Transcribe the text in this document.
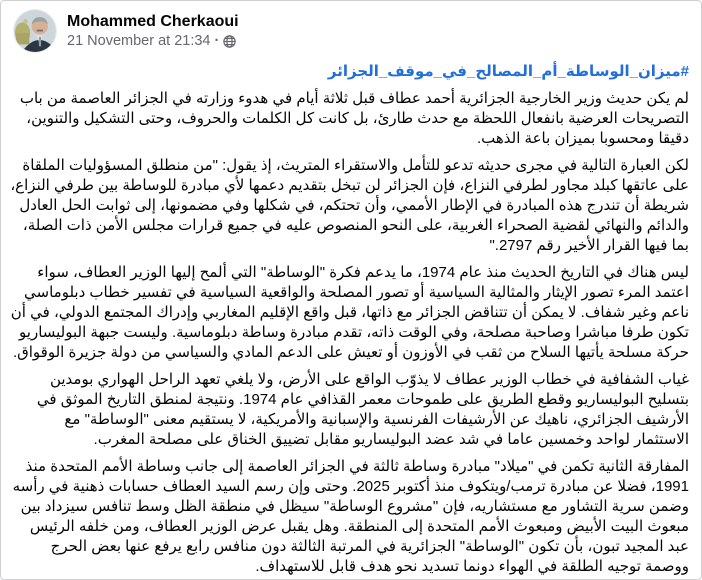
Mohammed Cherkaoui
21 November at 21:34 ·
#ميزان_الوساطة_أم_المصالح_في_موقف_الجزائر

لم يكن حديث وزير الخارجية الجزائرية أحمد عطاف قبل ثلاثة أيام في هدوء وزارته في الجزائر العاصمة من باب التصريحات العرضية بانفعال اللحظة مع حدث طارئ، بل كانت كل الكلمات والحروف، وحتى التشكيل والتنوين، دقيقا ومحسوبا بميزان باعة الذهب.

لكن العبارة التالية في مجرى حديثه تدعو للتأمل والاستقراء المتريث، إذ يقول: "من منطلق المسؤوليات الملقاة على عاتقها كبلد مجاور لطرفي النزاع، فإن الجزائر لن تبخل بتقديم دعمها لأي مبادرة للوساطة بين طرفي النزاع، شريطة أن تندرج هذه المبادرة في الإطار الأممي، وأن تحتكم، في شكلها وفي مضمونها، إلى ثوابت الحل العادل والدائم والنهائي لقضية الصحراء الغربية، على النحو المنصوص عليه في جميع قرارات مجلس الأمن ذات الصلة، بما فيها القرار الأخير رقم 2797."

ليس هناك في التاريخ الحديث منذ عام 1974، ما يدعم فكرة "الوساطة" التي ألمح إليها الوزير العطاف، سواء اعتمد المرء تصور الإيثار والمثالية السياسية أو تصور المصلحة والواقعية السياسية في تفسير خطاب دبلوماسي ناعم وغير شفاف. لا يمكن أن تتناقض الجزائر مع ذاتها، قبل واقع الإقليم المغاربي وإدراك المجتمع الدولي، في أن تكون طرفا مباشرا وصاحبة مصلحة، وفي الوقت ذاته، تقدم مبادرة وساطة دبلوماسية. وليست جبهة البوليساريو حركة مسلحة يأتيها السلاح من ثقب في الأوزون أو تعيش على الدعم المادي والسياسي من دولة جزيرة الوقواق.

غياب الشفافية في خطاب الوزير عطاف لا يذوّب الواقع على الأرض، ولا يلغي تعهد الراحل الهواري بومدين بتسليح البوليساريو وقطع الطريق على طموحات معمر القذافي عام 1974. ونتيجة لمنطق التاريخ الموثق في الأرشيف الجزائري، ناهيك عن الأرشيفات الفرنسية والإسبانية والأمريكية، لا يستقيم معنى "الوساطة" مع الاستثمار لواحد وخمسين عاما في شد عضد البوليساريو مقابل تضييق الخناق على مصلحة المغرب.

المفارقة الثانية تكمن في "ميلاد" مبادرة وساطة ثالثة في الجزائر العاصمة إلى جانب وساطة الأمم المتحدة منذ 1991، فضلا عن مبادرة ترمب/ويتكوف منذ أكتوبر 2025. وحتى وإن رسم السيد العطاف حسابات ذهنية في رأسه وضمن سرية التشاور مع مستشاريه، فإن "مشروع الوساطة" سيظل في منطقة الظل وسط تنافس سيزداد بين مبعوث البيت الأبيض ومبعوث الأمم المتحدة إلى المنطقة. وهل يقبل عرض الوزير العطاف، ومن خلفه الرئيس عبد المجيد تبون، بأن تكون "الوساطة" الجزائرية في المرتبة الثالثة دون منافس رابع يرفع عنها بعض الحرج ووصمة توجيه الطلقة في الهواء دونما تسديد نحو هدف قابل للاستهداف.
